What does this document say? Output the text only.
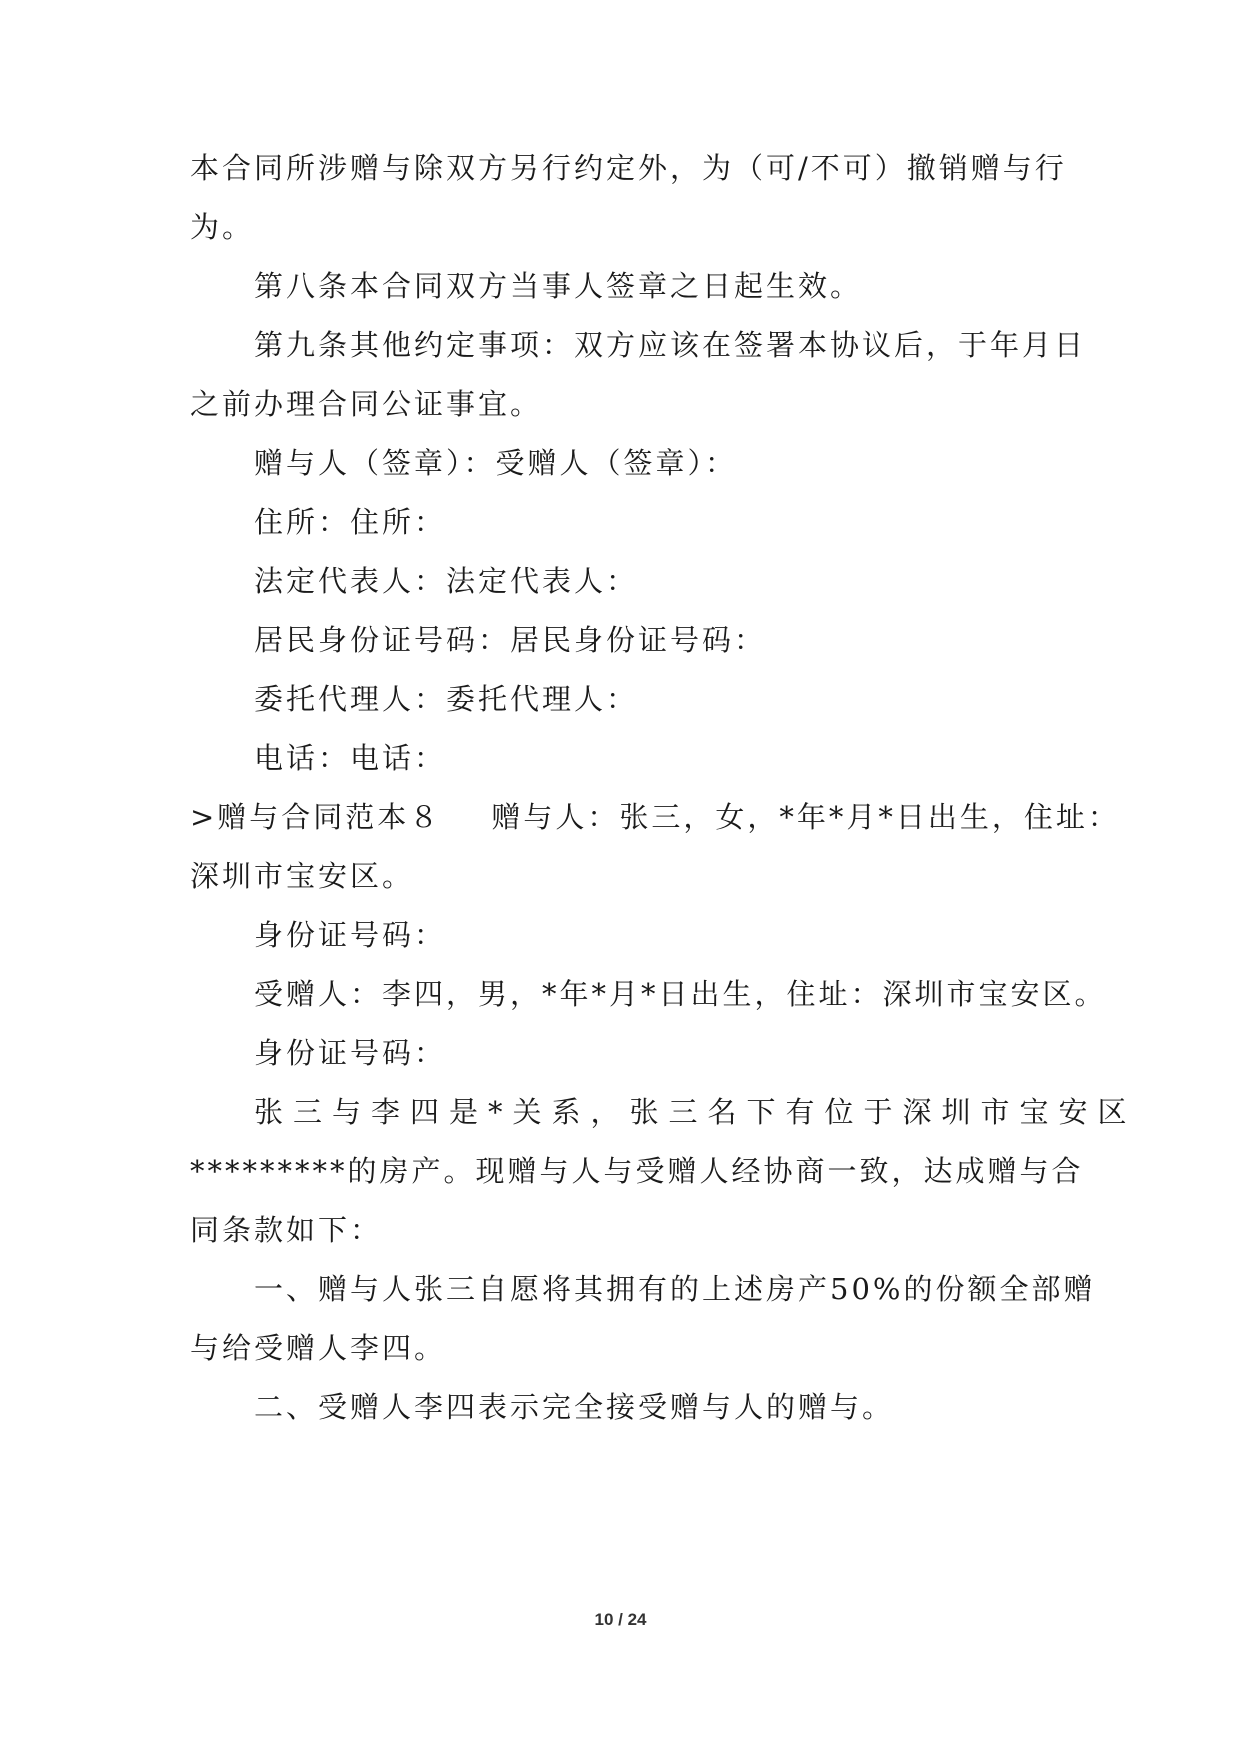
本合同所涉赠与除双方另行约定外，为（可/不可）撤销赠与行
为。
第八条本合同双方当事人签章之日起生效。
第九条其他约定事项：双方应该在签署本协议后，于年月日
之前办理合同公证事宜。
赠与人（签章）：受赠人（签章）：
住所：住所：
法定代表人：法定代表人：
居民身份证号码：居民身份证号码：
委托代理人：委托代理人：
电话：电话：
>赠与合同范本８ 赠与人：张三，女，*年*月*日出生，住址：
深圳市宝安区。
身份证号码：
受赠人：李四，男，*年*月*日出生，住址：深圳市宝安区。
身份证号码：
张三与李四是*关系，张三名下有位于深圳市宝安区
*********的房产。现赠与人与受赠人经协商一致，达成赠与合
同条款如下：
一、赠与人张三自愿将其拥有的上述房产50%的份额全部赠
与给受赠人李四。
二、受赠人李四表示完全接受赠与人的赠与。
10 / 24
